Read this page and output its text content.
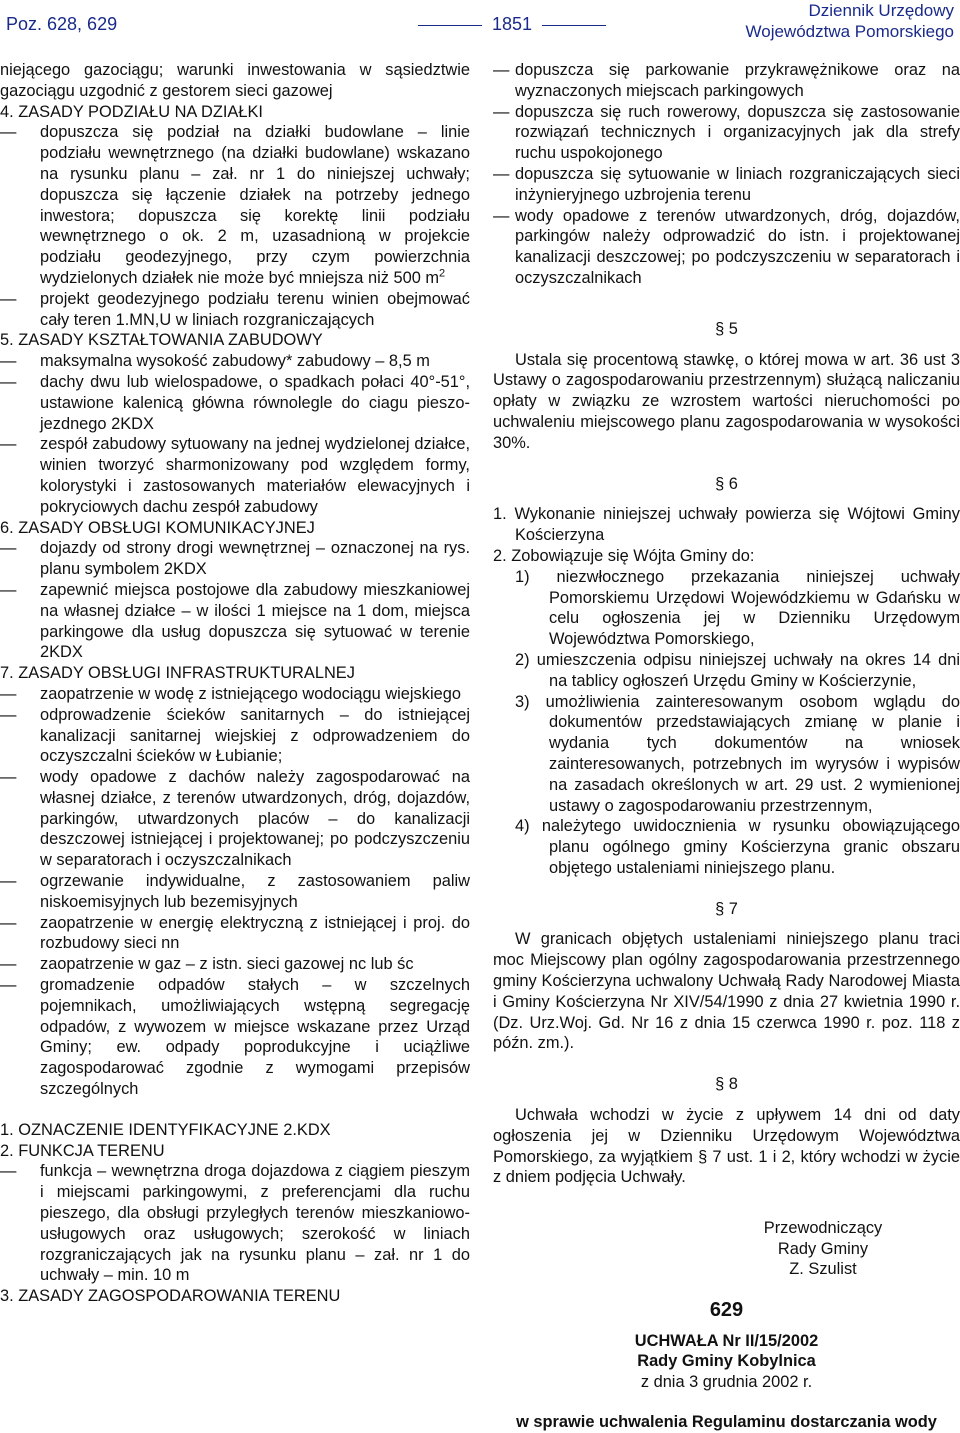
Poz. 628, 629	1851
Dziennik Urzędowy
Województwa Pomorskiego

niejącego gazociągu; warunki inwestowania w sąsiedztwie gazociągu uzgodnić z gestorem sieci gazowej

4. ZASADY PODZIAŁU NA DZIAŁKI

— dopuszcza się podział na działki budowlane – linie podziału wewnętrznego (na działki budowlane) wskazano na rysunku planu – zał. nr 1 do niniejszej uchwały; dopuszcza się łączenie działek na potrzeby jednego inwestora; dopuszcza się korektę linii podziału wewnętrznego o ok. 2 m, uzasadnioną w projekcie podziału geodezyjnego, przy czym powierzchnia wydzielonych działek nie może być mniejsza niż 500 $m^2$

— projekt geodezyjnego podziału terenu winien obejmować cały teren 1.MN,U w liniach rozgraniczających

5. ZASADY KSZTAŁTOWANIA ZABUDOWY

— maksymalna wysokość zabudowy* zabudowy – 8,5 m

— dachy dwu lub wielospadowe, o spadkach połaci 40°-51°, ustawione kalenicą główna równolegle do ciagu pieszo-jezdnego 2KDX

— zespół zabudowy sytuowany na jednej wydzielonej działce, winien tworzyć sharmonizowany pod względem formy, kolorystyki i zastosowanych materiałów elewacyjnych i pokryciowych dachu zespół zabudowy

6. ZASADY OBSŁUGI KOMUNIKACYJNEJ

— dojazdy od strony drogi wewnętrznej – oznaczonej na rys. planu symbolem 2KDX

— zapewnić miejsca postojowe dla zabudowy mieszkaniowej na własnej działce – w ilości 1 miejsce na 1 dom, miejsca parkingowe dla usług dopuszcza się sytuować w terenie 2KDX

7. ZASADY OBSŁUGI INFRASTRUKTURALNEJ

— zaopatrzenie w wodę z istniejącego wodociągu wiejskiego

— odprowadzenie ścieków sanitarnych – do istniejącej kanalizacji sanitarnej wiejskiej z odprowadzeniem do oczyszczalni ścieków w Łubianie;

— wody opadowe z dachów należy zagospodarować na własnej działce, z terenów utwardzonych, dróg, dojazdów, parkingów, utwardzonych placów – do kanalizacji deszczowej istniejącej i projektowanej; po podczyszczeniu w separatorach i oczyszczalnikach

— ogrzewanie indywidualne, z zastosowaniem paliw niskoemisyjnych lub bezemisyjnych

— zaopatrzenie w energię elektryczną z istniejącej i proj. do rozbudowy sieci nn

— zaopatrzenie w gaz – z istn. sieci gazowej nc lub śc

— gromadzenie odpadów stałych – w szczelnych pojemnikach, umożliwiających wstępną segregację odpadów, z wywozem w miejsce wskazane przez Urząd Gminy; ew. odpady poprodukcyjne i uciążliwe zagospodarować zgodnie z wymogami przepisów szczególnych

1. OZNACZENIE IDENTYFIKACYJNE 2.KDX

2. FUNKCJA TERENU

— funkcja – wewnętrzna droga dojazdowa z ciągiem pieszym i miejscami parkingowymi, z preferencjami dla ruchu pieszego, dla obsługi przyległych terenów mieszkaniowo-usługowych oraz usługowych; szerokość w liniach rozgraniczających jak na rysunku planu – zał. nr 1 do uchwały – min. 10 m

3. ZASADY ZAGOSPODAROWANIA TERENU

— dopuszcza się parkowanie przykrawężnikowe oraz na wyznaczonych miejscach parkingowych

— dopuszcza się ruch rowerowy, dopuszcza się zastosowanie rozwiązań technicznych i organizacyjnych jak dla strefy ruchu uspokojonego

— dopuszcza się sytuowanie w liniach rozgraniczających sieci inżynieryjnego uzbrojenia terenu

— wody opadowe z terenów utwardzonych, dróg, dojazdów, parkingów należy odprowadzić do istn. i projektowanej kanalizacji deszczowej; po podczyszczeniu w separatorach i oczyszczalnikach

§ 5

Ustala się procentową stawkę, o której mowa w art. 36 ust 3 Ustawy o zagospodarowaniu przestrzennym) służącą naliczaniu opłaty w związku ze wzrostem wartości nieruchomości po uchwaleniu miejscowego planu zagospodarowania w wysokości 30%.

§ 6

1. Wykonanie niniejszej uchwały powierza się Wójtowi Gminy Kościerzyna

2. Zobowiązuje się Wójta Gminy do:

1) niezwłocznego przekazania niniejszej uchwały Pomorskiemu Urzędowi Wojewódzkiemu w Gdańsku w celu ogłoszenia jej w Dzienniku Urzędowym Województwa Pomorskiego,

2) umieszczenia odpisu niniejszej uchwały na okres 14 dni na tablicy ogłoszeń Urzędu Gminy w Kościerzynie,

3) umożliwienia zainteresowanym osobom wglądu do dokumentów przedstawiających zmianę w planie i wydania tych dokumentów na wniosek zainteresowanych, potrzebnych im wyrysów i wypisów na zasadach określonych w art. 29 ust. 2 wymienionej ustawy o zagospodarowaniu przestrzennym,

4) należytego uwidocznienia w rysunku obowiązującego planu ogólnego gminy Kościerzyna granic obszaru objętego ustaleniami niniejszego planu.

§ 7

W granicach objętych ustaleniami niniejszego planu traci moc Miejscowy plan ogólny zagospodarowania przestrzennego gminy Kościerzyna uchwalony Uchwałą Rady Narodowej Miasta i Gminy Kościerzyna Nr XIV/54/1990 z dnia 27 kwietnia 1990 r. (Dz. Urz.Woj. Gd. Nr 16 z dnia 15 czerwca 1990 r. poz. 118 z późn. zm.).

§ 8

Uchwała wchodzi w życie z upływem 14 dni od daty ogłoszenia jej w Dzienniku Urzędowym Województwa Pomorskiego, za wyjątkiem § 7 ust. 1 i 2, który wchodzi w życie z dniem podjęcia Uchwały.

Przewodniczący

Rady Gminy

Z. Szulist

629

UCHWAŁA Nr II/15/2002

Rady Gminy Kobylnica

z dnia 3 grudnia 2002 r.

w sprawie uchwalenia Regulaminu dostarczania wody
